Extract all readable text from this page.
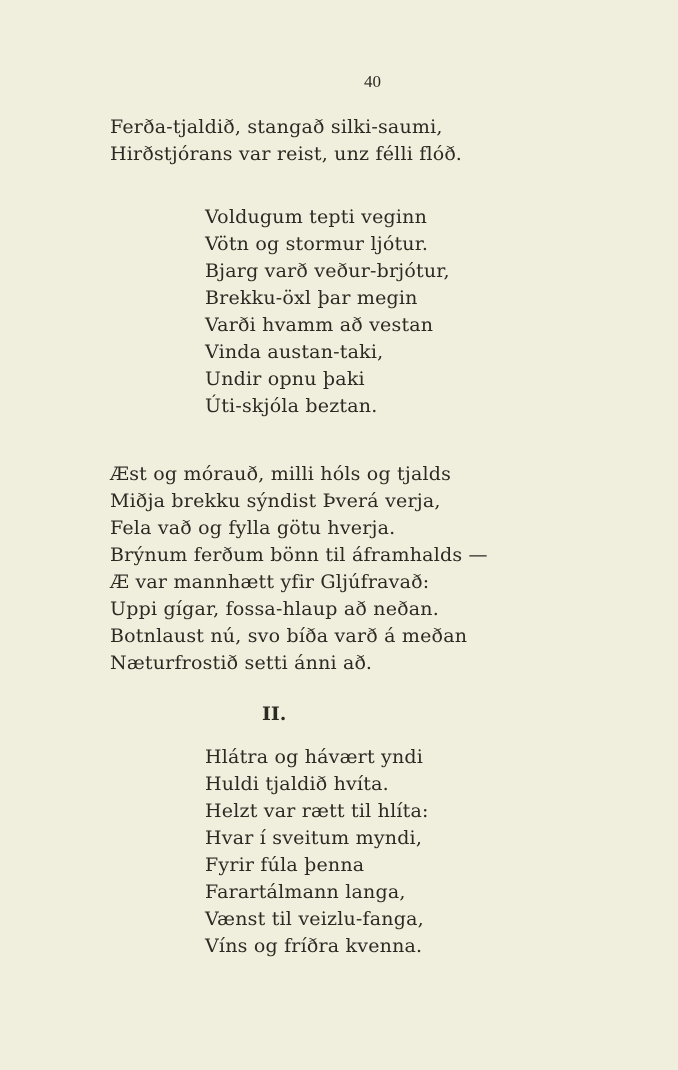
40
Ferða-tjaldið, stangað silki-saumi,
Hirðstjórans var reist, unz félli flóð.
Voldugum tepti veginn
Vötn og stormur ljótur.
Bjarg varð veður-brjótur,
Brekku-öxl þar megin
Varði hvamm að vestan
Vinda austan-taki,
Undir opnu þaki
Úti-skjóla beztan.
Æst og mórauð, milli hóls og tjalds
Miðja brekku sýndist Þverá verja,
Fela vað og fylla götu hverja.
Brýnum ferðum bönn til áframhalds —
Æ var mannhætt yfir Gljúfravað:
Uppi gígar, fossa-hlaup að neðan.
Botnlaust nú, svo bíða varð á meðan
Næturfrostið setti ánni að.
II.
Hlátra og hávært yndi
Huldi tjaldið hvíta.
Helzt var rætt til hlíta:
Hvar í sveitum myndi,
Fyrir fúla þenna
Farartálmann langa,
Vænst til veizlu-fanga,
Víns og fríðra kvenna.
